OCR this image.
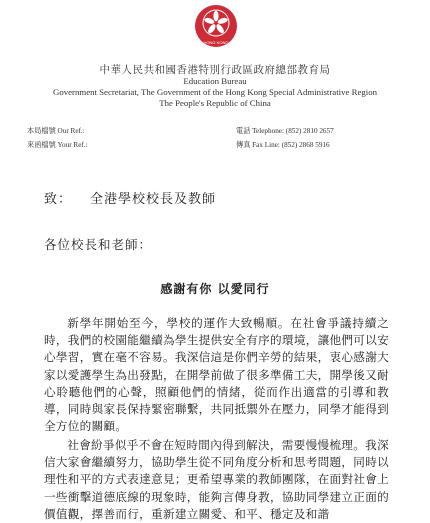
HONG KONG
中華人民共和國香港特別行政區政府總部教育局
Education Bureau
Government Secretariat, The Government of the Hong Kong Special Administrative Region
The People's Republic of China
本局檔號 Our Ref.:
來函檔號 Your Ref.:
電話 Telephone: (852) 2810 2657
傳真 Fax Line: (852) 2868 5916
致： 全港學校校長及教師
各位校長和老師：
感謝有你 以愛同行

新學年開始至今，學校的運作大致暢順。在社會爭議持續之時，我們的校園能繼續為學生提供安全有序的環境，讓他們可以安心學習，實在毫不容易。我深信這是你們辛勞的結果，衷心感謝大家以愛護學生為出發點，在開學前做了很多準備工夫，開學後又耐心聆聽他們的心聲，照顧他們的情緒，從而作出適當的引導和教導，同時與家長保持緊密聯繫，共同抵禦外在壓力，同學才能得到全方位的關顧。

社會紛爭似乎不會在短時間內得到解決，需要慢慢梳理。我深信大家會繼續努力，協助學生從不同角度分析和思考問題，同時以理性和平的方式表達意見；更希望專業的教師團隊，在面對社會上一些衝擊道德底線的現象時，能夠言傳身教，協助同學建立正面的價值觀，擇善而行，重新建立關愛、和平、穩定及和諧
